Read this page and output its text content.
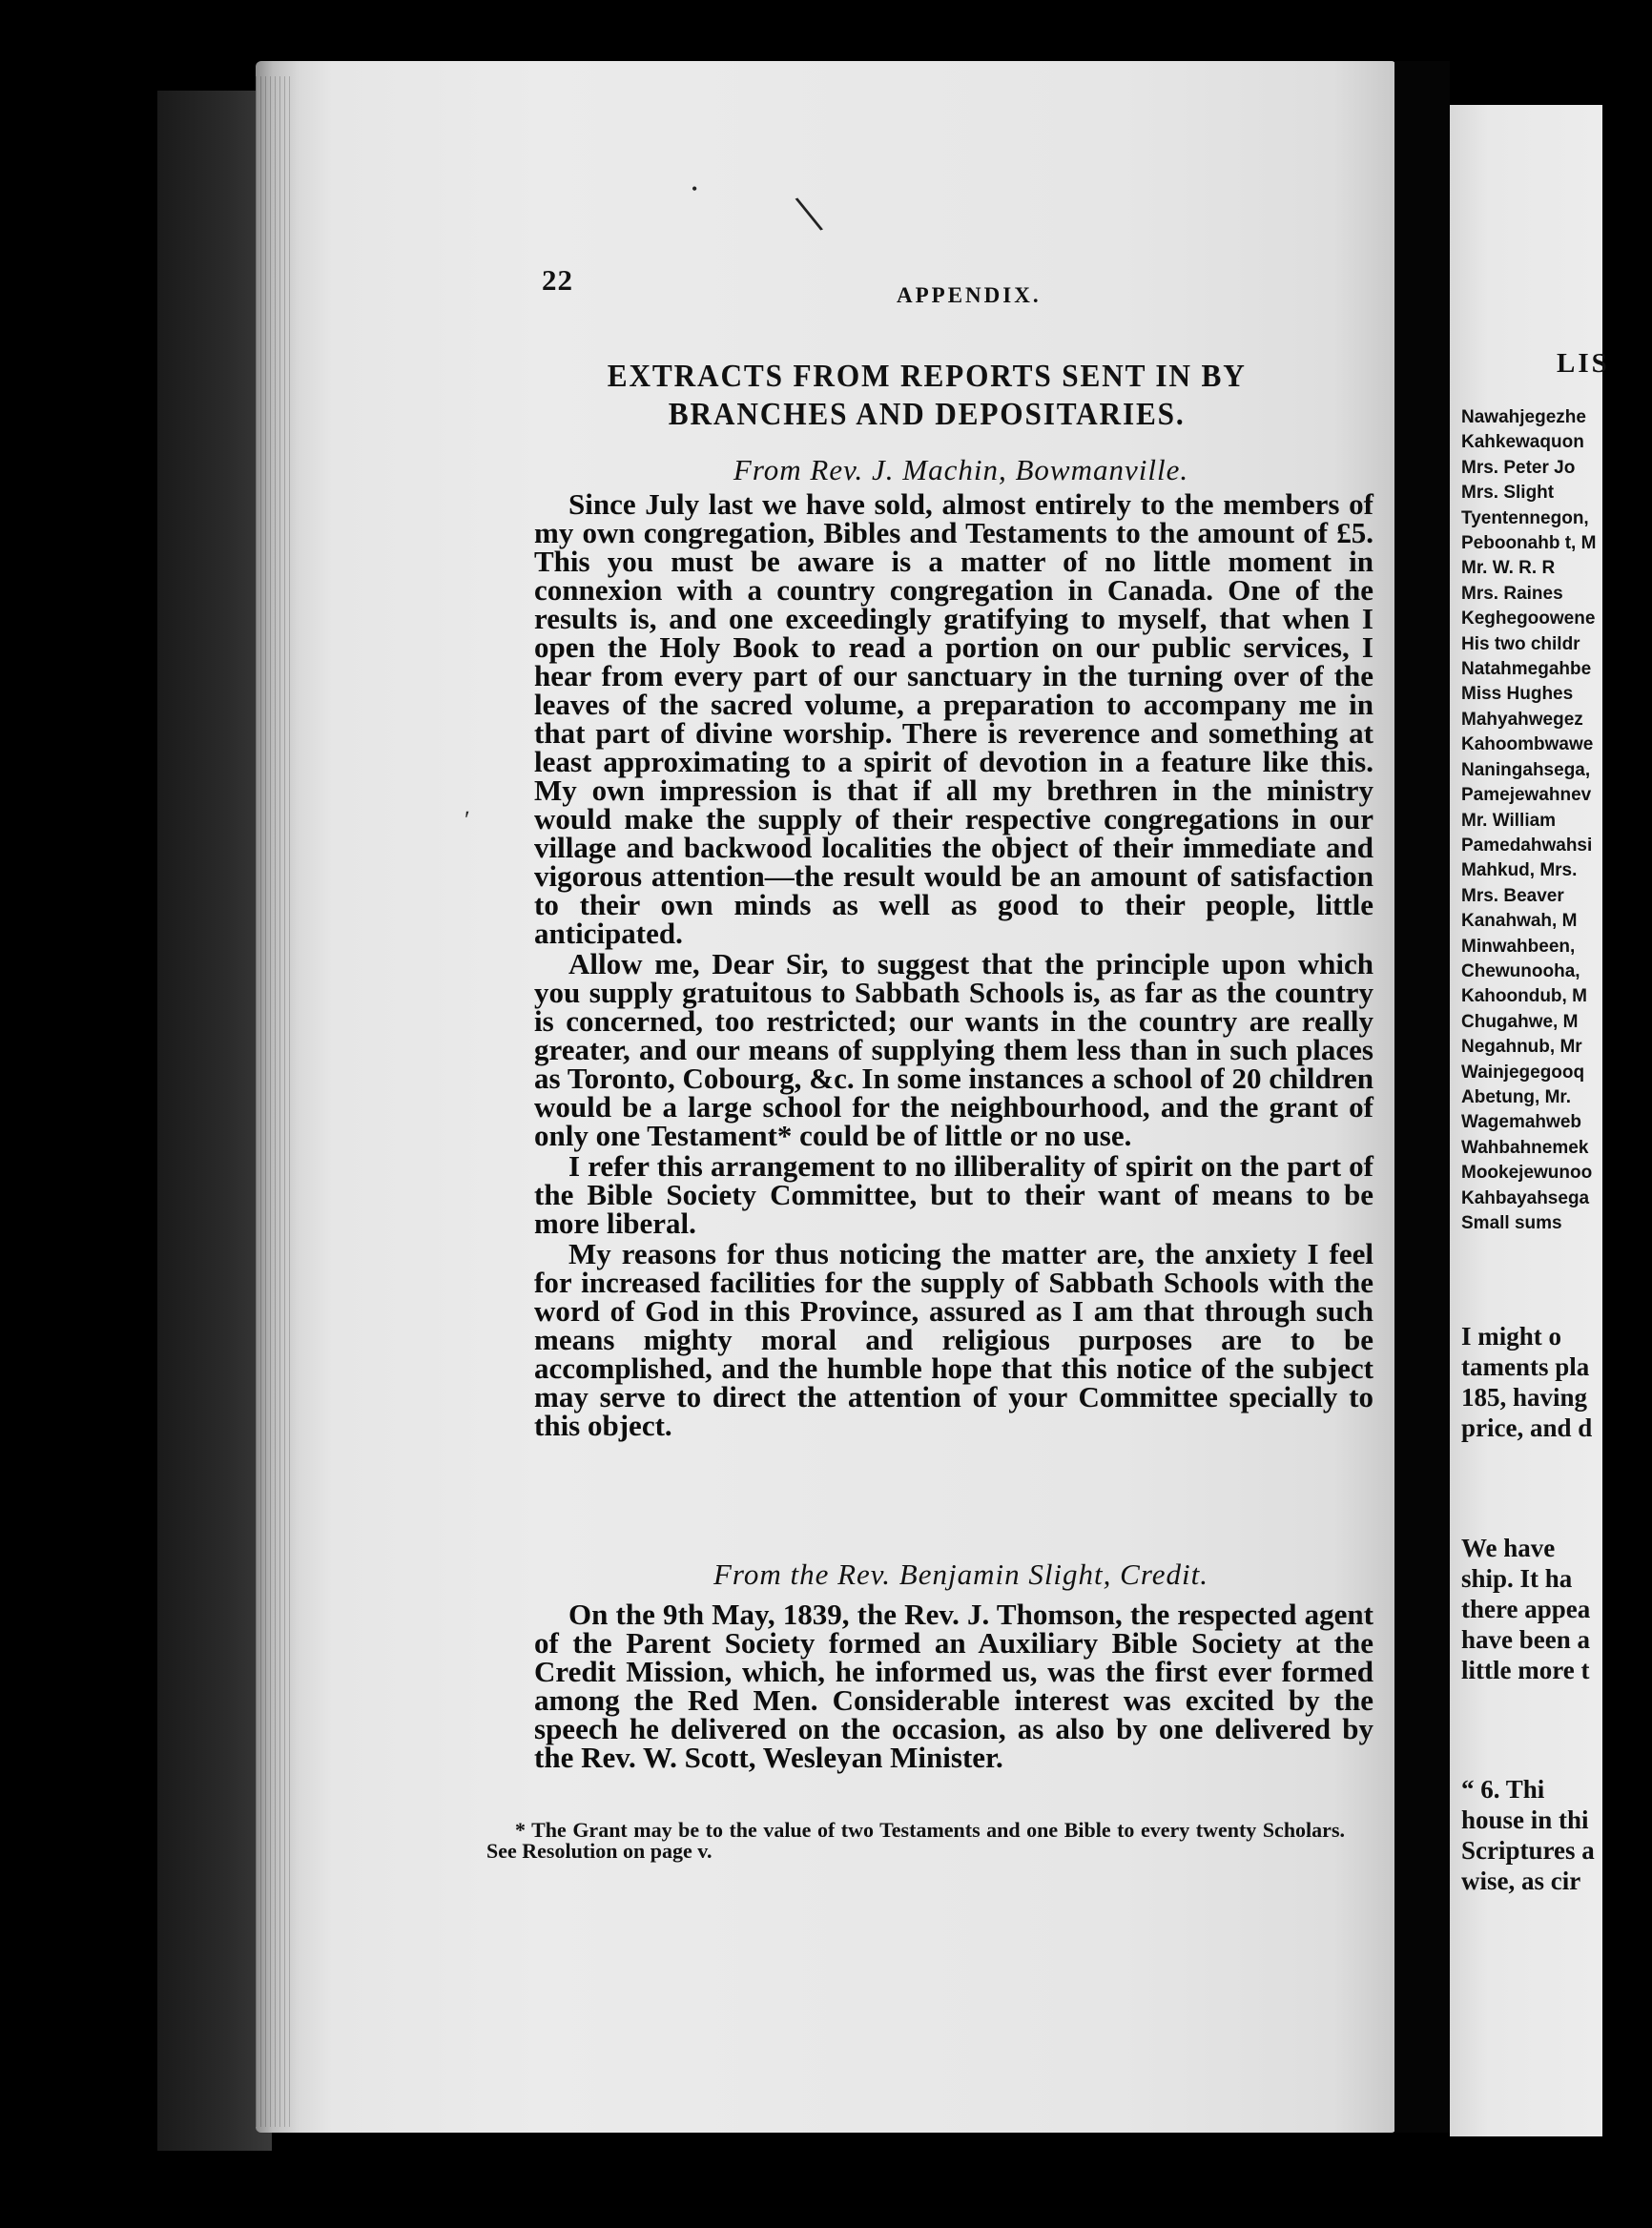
• \
ʹ
22	APPENDIX.
EXTRACTS FROM REPORTS SENT IN BY BRANCHES AND DEPOSITARIES.
From Rev. J. Machin, Bowmanville.

Since July last we have sold, almost entirely to the members of my own congregation, Bibles and Testaments to the amount of £5. This you must be aware is a matter of no little moment in connexion with a country congregation in Canada. One of the results is, and one exceedingly gratifying to myself, that when I open the Holy Book to read a portion on our public services, I hear from every part of our sanctuary in the turning over of the leaves of the sacred volume, a preparation to accompany me in that part of divine worship. There is reverence and something at least approximating to a spirit of devotion in a feature like this. My own impression is that if all my brethren in the ministry would make the supply of their respective congregations in our village and backwood localities the object of their immediate and vigorous attention—the result would be an amount of satisfaction to their own minds as well as good to their people, little anticipated.

Allow me, Dear Sir, to suggest that the principle upon which you supply gratuitous to Sabbath Schools is, as far as the country is concerned, too restricted; our wants in the country are really greater, and our means of supplying them less than in such places as Toronto, Cobourg, &c. In some instances a school of 20 children would be a large school for the neighbourhood, and the grant of only one Testament* could be of little or no use.

I refer this arrangement to no illiberality of spirit on the part of the Bible Society Committee, but to their want of means to be more liberal.

My reasons for thus noticing the matter are, the anxiety I feel for increased facilities for the supply of Sabbath Schools with the word of God in this Province, assured as I am that through such means mighty moral and religious purposes are to be accomplished, and the humble hope that this notice of the subject may serve to direct the attention of your Committee specially to this object.

From the Rev. Benjamin Slight, Credit.

On the 9th May, 1839, the Rev. J. Thomson, the respected agent of the Parent Society formed an Auxiliary Bible Society at the Credit Mission, which, he informed us, was the first ever formed among the Red Men. Considerable interest was excited by the speech he delivered on the occasion, as also by one delivered by the Rev. W. Scott, Wesleyan Minister.

* The Grant may be to the value of two Testaments and one Bible to every twenty Scholars. See Resolution on page v.
LIS
Nawahjegezhe
Kahkewaquon
Mrs. Peter Jo
Mrs. Slight
Tyentennegon,
Peboonahb t, M
Mr. W. R. R
Mrs. Raines
Keghegoowene
His two childr
Natahmegahbe
Miss Hughes
Mahyahwegez
Kahoombwawe
Naningahsega,
Pamejewahnev
Mr. William
Pamedahwahsi
Mahkud, Mrs.
Mrs. Beaver
Kanahwah, M
Minwahbeen,
Chewunooha,
Kahoondub, M
Chugahwe, M
Negahnub, Mr
Wainjegegooq
Abetung, Mr.
Wagemahweb
Wahbahnemek
Mookejewunoo
Kahbayahsega
Small sums
I might o
taments pla
185, having
price, and d
We have
ship. It ha
there appea
have been a
little more t
“ 6. Thi
house in thi
Scriptures a
wise, as cir
